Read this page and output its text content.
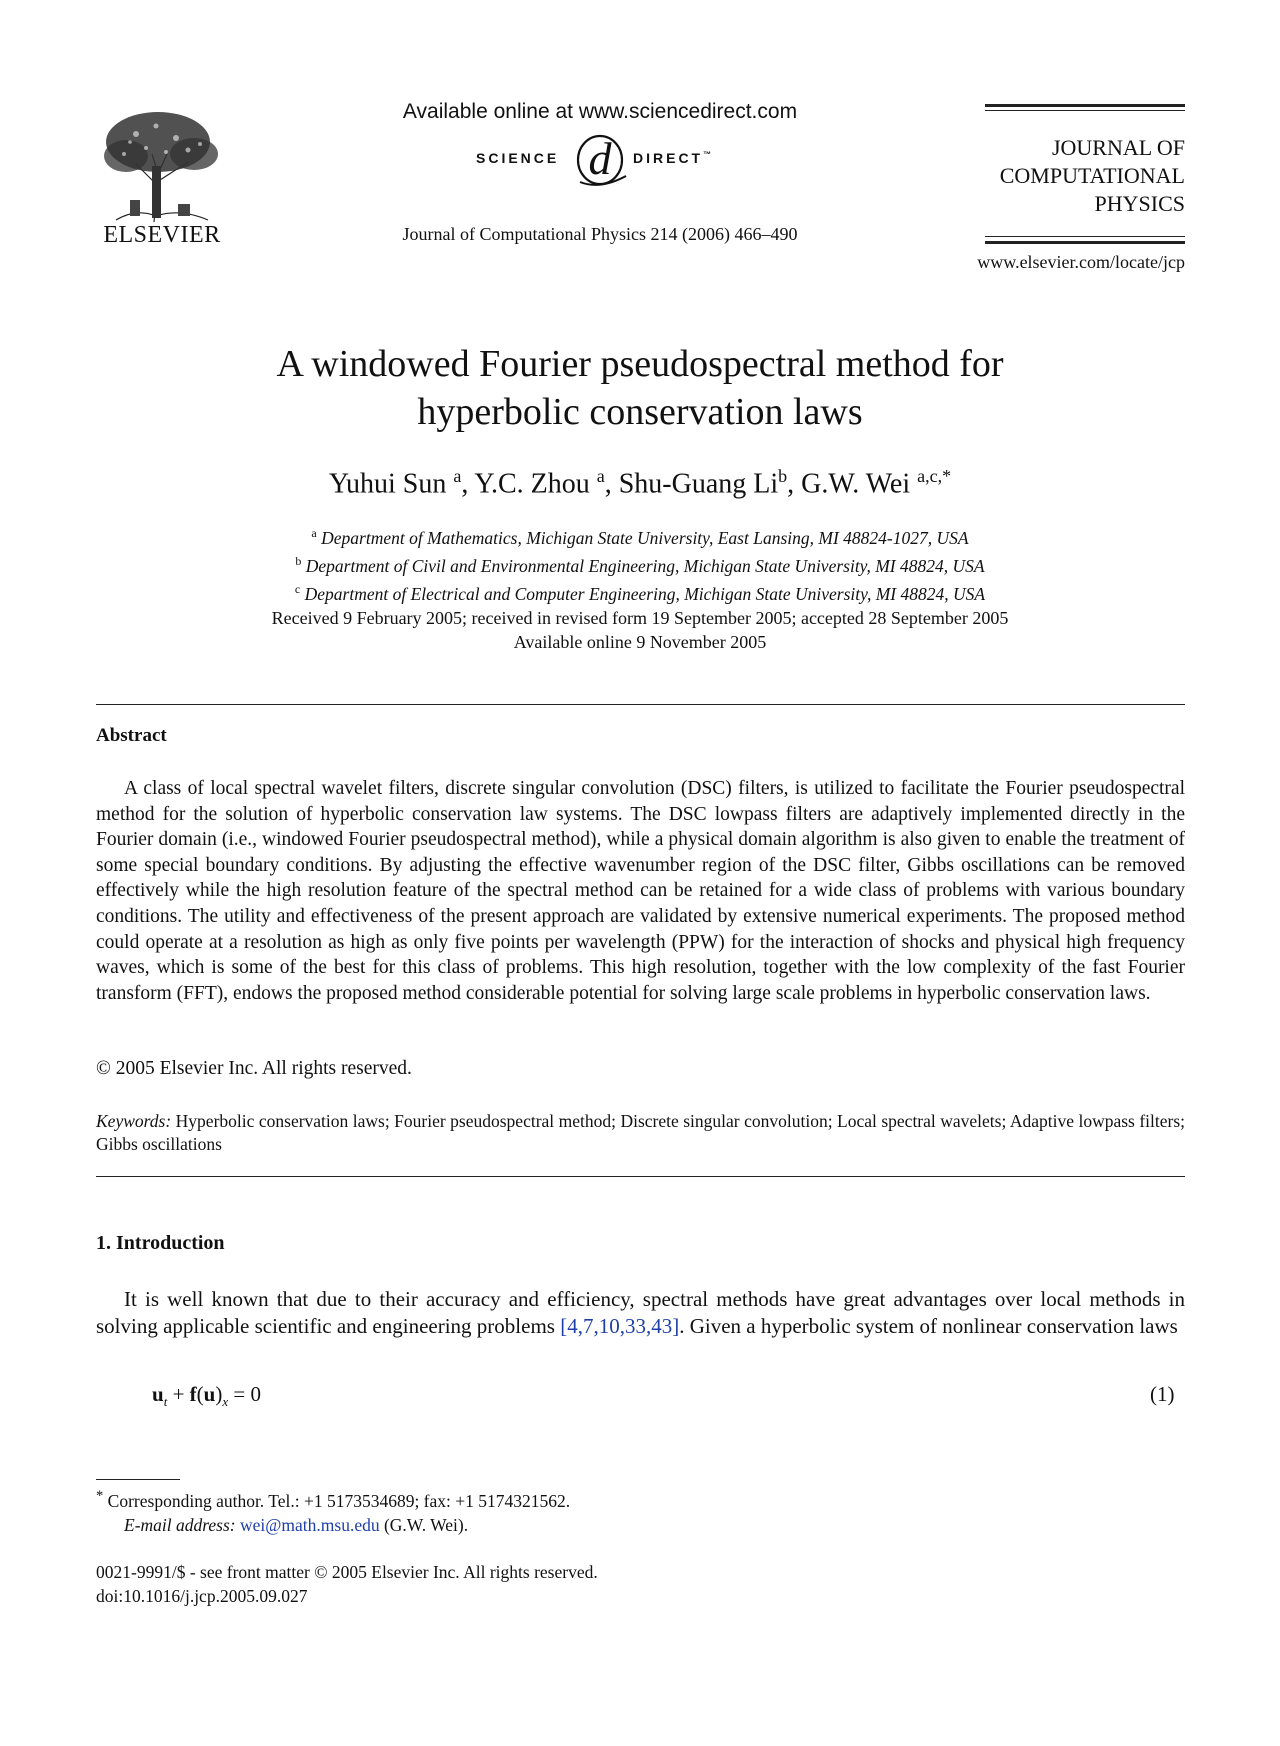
ELSEVIER
Available online at www.sciencedirect.com
d
SCIENCE	DIRECT™
Journal of Computational Physics 214 (2006) 466–490
JOURNAL OF
COMPUTATIONAL
PHYSICS
www.elsevier.com/locate/jcp
A windowed Fourier pseudospectral method for
hyperbolic conservation laws
Yuhui Sun $^a$, Y.C. Zhou $^a$, Shu-Guang Li$^b$, G.W. Wei $^{a,c,*}$
$^a$ Department of Mathematics, Michigan State University, East Lansing, MI 48824-1027, USA
$^b$ Department of Civil and Environmental Engineering, Michigan State University, MI 48824, USA
$^c$ Department of Electrical and Computer Engineering, Michigan State University, MI 48824, USA
Received 9 February 2005; received in revised form 19 September 2005; accepted 28 September 2005
Available online 9 November 2005
Abstract
A class of local spectral wavelet filters, discrete singular convolution (DSC) filters, is utilized to facilitate the Fourier pseudospectral method for the solution of hyperbolic conservation law systems. The DSC lowpass filters are adaptively implemented directly in the Fourier domain (i.e., windowed Fourier pseudospectral method), while a physical domain algorithm is also given to enable the treatment of some special boundary conditions. By adjusting the effective wavenumber region of the DSC filter, Gibbs oscillations can be removed effectively while the high resolution feature of the spectral method can be retained for a wide class of problems with various boundary conditions. The utility and effectiveness of the present approach are validated by extensive numerical experiments. The proposed method could operate at a resolution as high as only five points per wavelength (PPW) for the interaction of shocks and physical high frequency waves, which is some of the best for this class of problems. This high resolution, together with the low complexity of the fast Fourier transform (FFT), endows the proposed method considerable potential for solving large scale problems in hyperbolic conservation laws.
© 2005 Elsevier Inc. All rights reserved.
Keywords: Hyperbolic conservation laws; Fourier pseudospectral method; Discrete singular convolution; Local spectral wavelets; Adaptive lowpass filters; Gibbs oscillations
1. Introduction
It is well known that due to their accuracy and efficiency, spectral methods have great advantages over local methods in solving applicable scientific and engineering problems [4,7,10,33,43]. Given a hyperbolic system of nonlinear conservation laws
$u_t + f(u)_x = 0$	(1)
* Corresponding author. Tel.: +1 5173534689; fax: +1 5174321562.
E-mail address: wei@math.msu.edu (G.W. Wei).
0021-9991/$ - see front matter © 2005 Elsevier Inc. All rights reserved.
doi:10.1016/j.jcp.2005.09.027
